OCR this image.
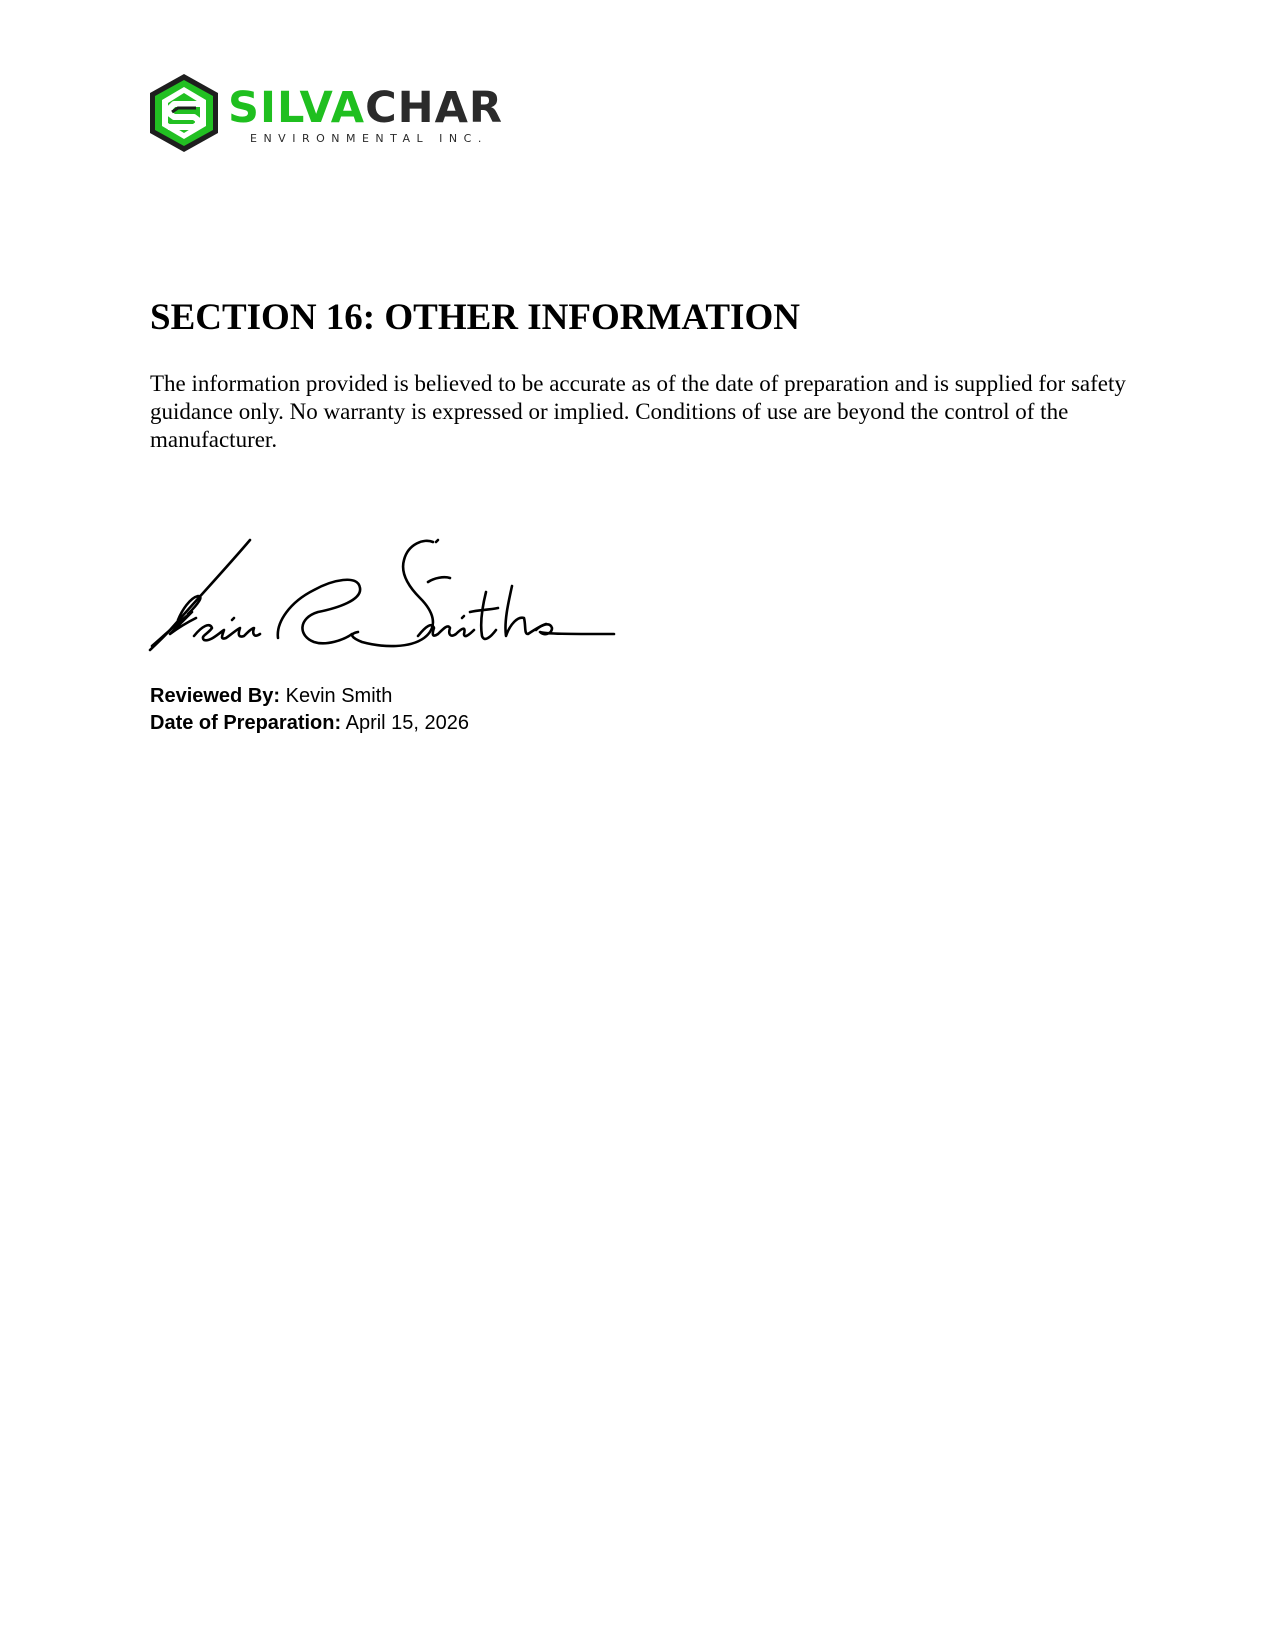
SILVACHAR
ENVIRONMENTAL INC.
SECTION 16: OTHER INFORMATION

The information provided is believed to be accurate as of the date of preparation and is supplied for safety guidance only. No warranty is expressed or implied. Conditions of use are beyond the control of the manufacturer.

Reviewed By: Kevin Smith
Date of Preparation: April 15, 2026
